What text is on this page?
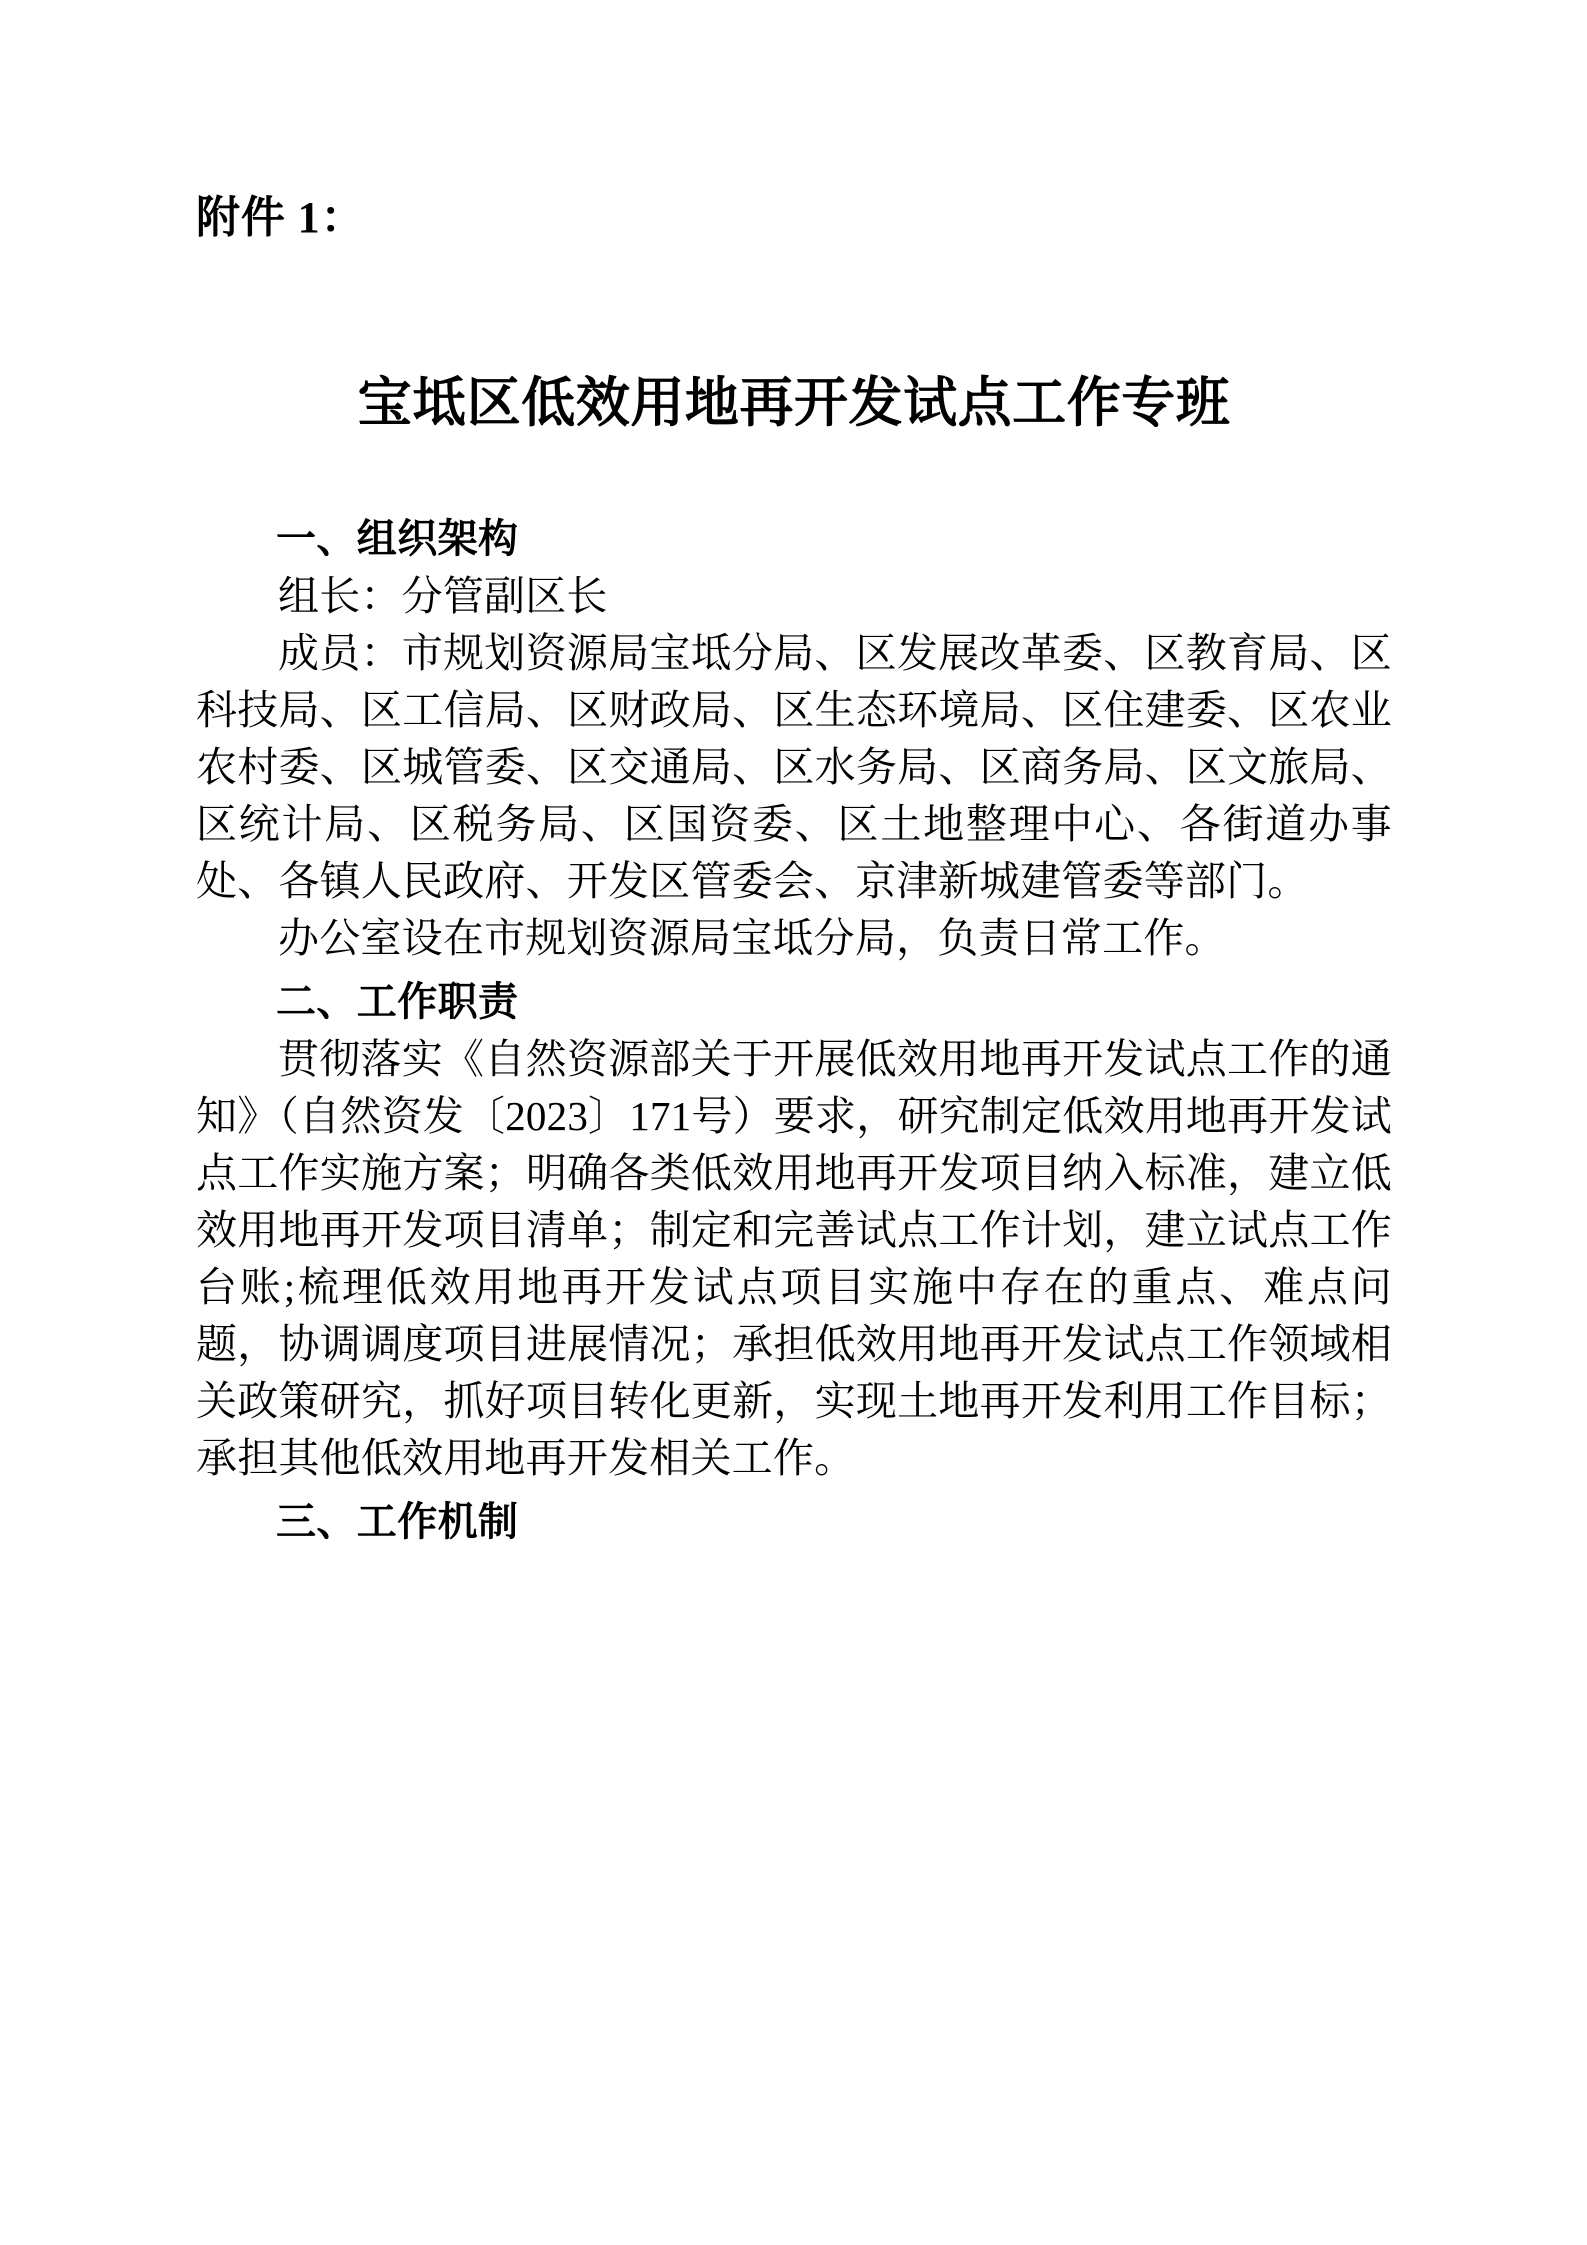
附件 1：
宝坻区低效用地再开发试点工作专班
一、组织架构

组长：分管副区长

成员：市规划资源局宝坻分局、区发展改革委、区教育局、区科技局、区工信局、区财政局、区生态环境局、区住建委、区农业农村委、区城管委、区交通局、区水务局、区商务局、区文旅局、区统计局、区税务局、区国资委、区土地整理中心、各街道办事处、各镇人民政府、开发区管委会、京津新城建管委等部门。

办公室设在市规划资源局宝坻分局，负责日常工作。

二、工作职责

贯彻落实《自然资源部关于开展低效用地再开发试点工作的通知》（自然资发〔2023〕171号）要求，研究制定低效用地再开发试点工作实施方案；明确各类低效用地再开发项目纳入标准，建立低效用地再开发项目清单；制定和完善试点工作计划，建立试点工作台账;梳理低效用地再开发试点项目实施中存在的重点、难点问题，协调调度项目进展情况；承担低效用地再开发试点工作领域相关政策研究，抓好项目转化更新，实现土地再开发利用工作目标；承担其他低效用地再开发相关工作。

三、工作机制
